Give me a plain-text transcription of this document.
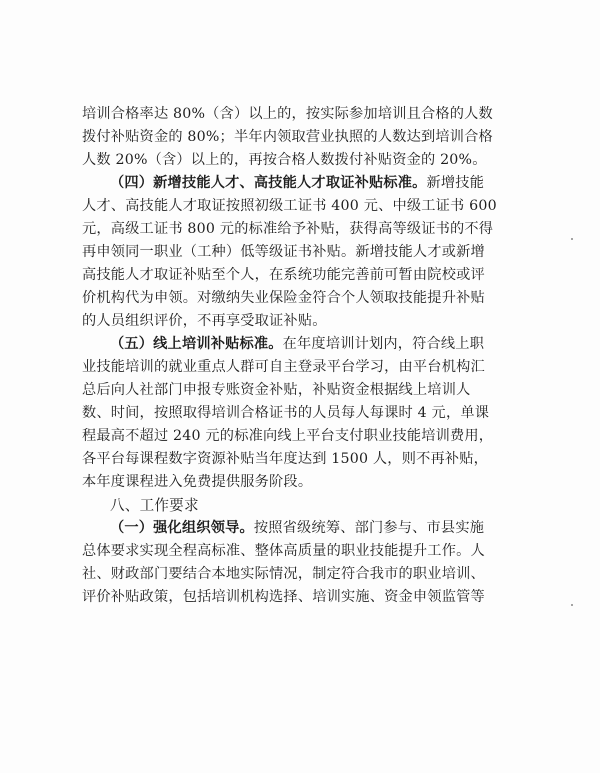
培训合格率达 80%（含）以上的，按实际参加培训且合格的人数
拨付补贴资金的 80%；半年内领取营业执照的人数达到培训合格
人数 20%（含）以上的，再按合格人数拨付补贴资金的 20%。
（四）新增技能人才、高技能人才取证补贴标准。新增技能
人才、高技能人才取证按照初级工证书 400 元、中级工证书 600
元，高级工证书 800 元的标准给予补贴，获得高等级证书的不得
再申领同一职业（工种）低等级证书补贴。新增技能人才或新增
高技能人才取证补贴至个人，在系统功能完善前可暂由院校或评
价机构代为申领。对缴纳失业保险金符合个人领取技能提升补贴
的人员组织评价，不再享受取证补贴。
（五）线上培训补贴标准。在年度培训计划内，符合线上职
业技能培训的就业重点人群可自主登录平台学习，由平台机构汇
总后向人社部门申报专账资金补贴，补贴资金根据线上培训人
数、时间，按照取得培训合格证书的人员每人每课时 4 元，单课
程最高不超过 240 元的标准向线上平台支付职业技能培训费用，
各平台每课程数字资源补贴当年度达到 1500 人，则不再补贴，
本年度课程进入免费提供服务阶段。
八、工作要求
（一）强化组织领导。按照省级统筹、部门参与、市县实施
总体要求实现全程高标准、整体高质量的职业技能提升工作。人
社、财政部门要结合本地实际情况，制定符合我市的职业培训、
评价补贴政策，包括培训机构选择、培训实施、资金申领监管等
